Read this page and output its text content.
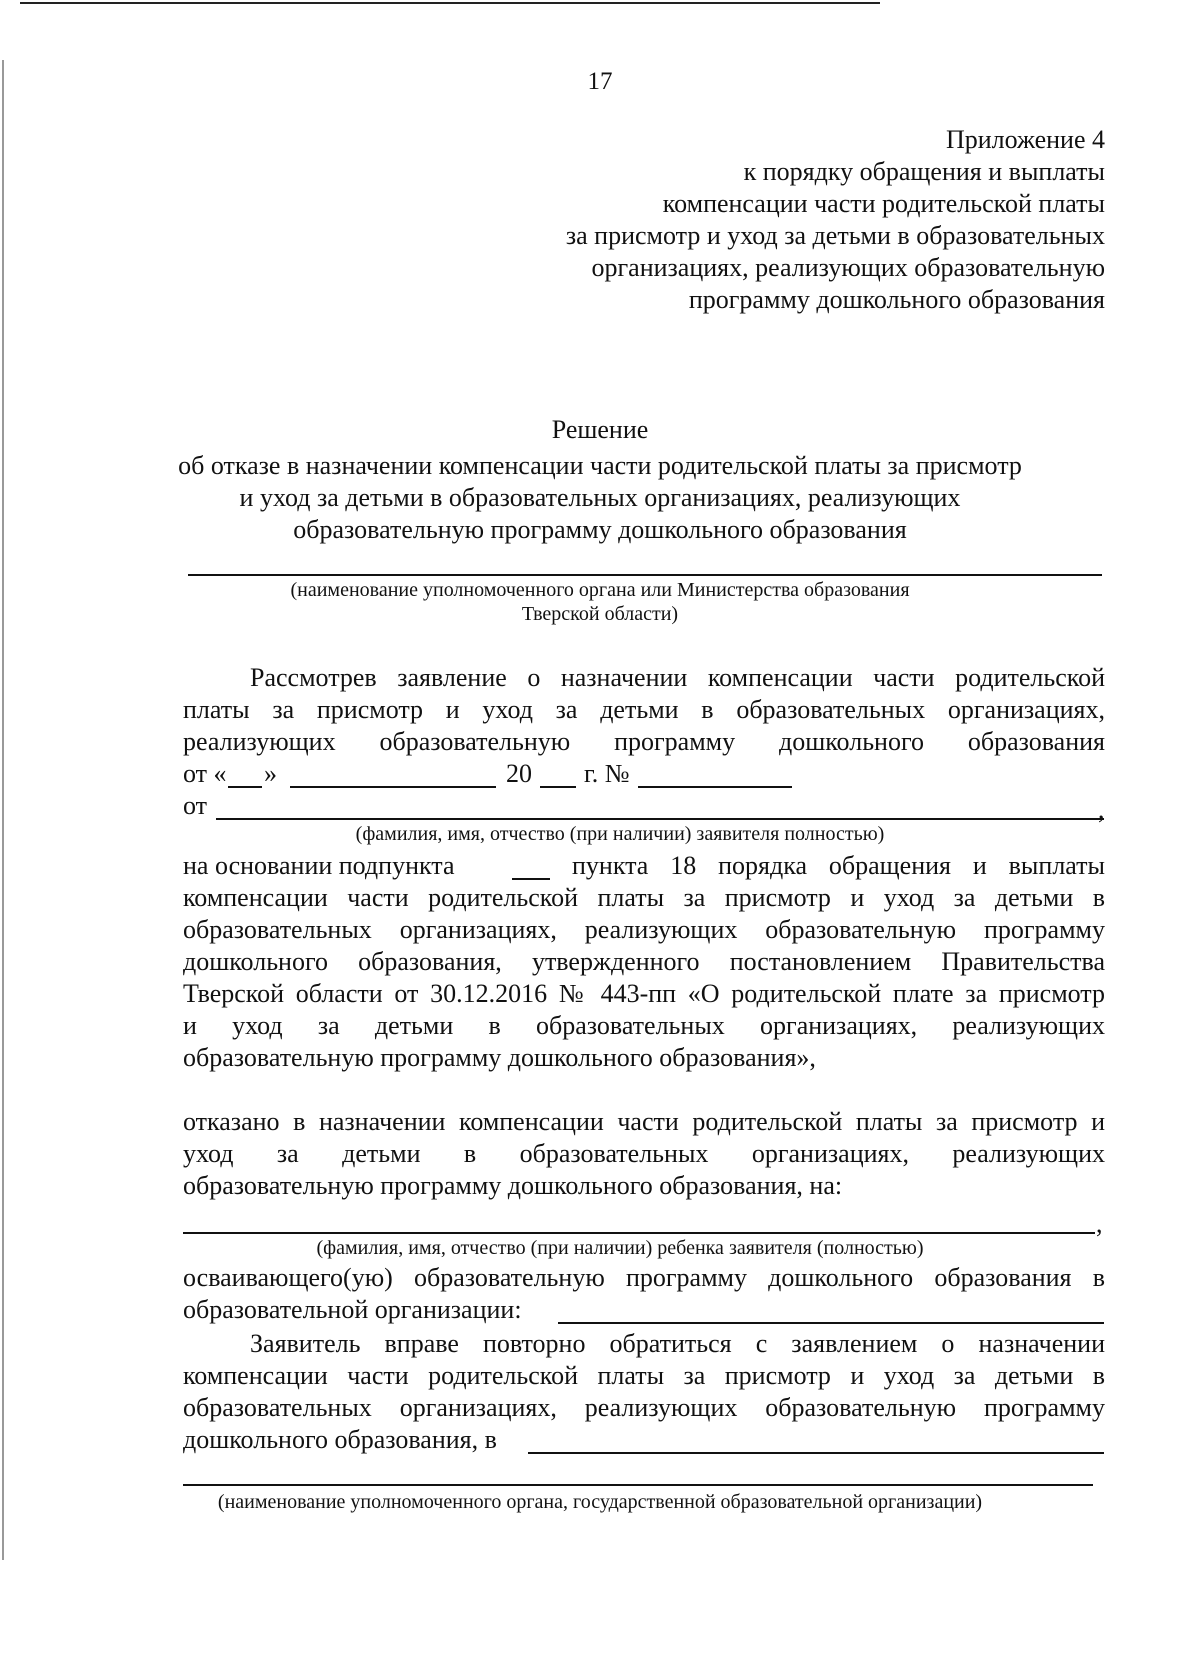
17

Приложение 4

к порядку обращения и выплаты

компенсации части родительской платы

за присмотр и уход за детьми в образовательных

организациях, реализующих образовательную

программу дошкольного образования

Решение

об отказе в назначении компенсации части родительской платы за присмотр

и уход за детьми в образовательных организациях, реализующих

образовательную программу дошкольного образования

(наименование уполномоченного органа или Министерства образования

Тверской области)

Рассмотрев заявление о назначении компенсации части родительской

платы за присмотр и уход за детьми в образовательных организациях,

реализующих образовательную программу дошкольного образования

от « »	20 г. №
от	,

(фамилия, имя, отчество (при наличии) заявителя полностью)

на основании подпункта	пункта 18 порядка обращения и выплаты

компенсации части родительской платы за присмотр и уход за детьми в

образовательных организациях, реализующих образовательную программу

дошкольного образования, утвержденного постановлением Правительства

Тверской области от 30.12.2016 № 443-пп «О родительской плате за присмотр

и уход за детьми в образовательных организациях, реализующих

образовательную программу дошкольного образования»,

отказано в назначении компенсации части родительской платы за присмотр и

уход за детьми в образовательных организациях, реализующих

образовательную программу дошкольного образования, на:

,

(фамилия, имя, отчество (при наличии) ребенка заявителя (полностью)

осваивающего(ую) образовательную программу дошкольного образования в

образовательной организации:

Заявитель вправе повторно обратиться с заявлением о назначении

компенсации части родительской платы за присмотр и уход за детьми в

образовательных организациях, реализующих образовательную программу

дошкольного образования, в

(наименование уполномоченного органа, государственной образовательной организации)
